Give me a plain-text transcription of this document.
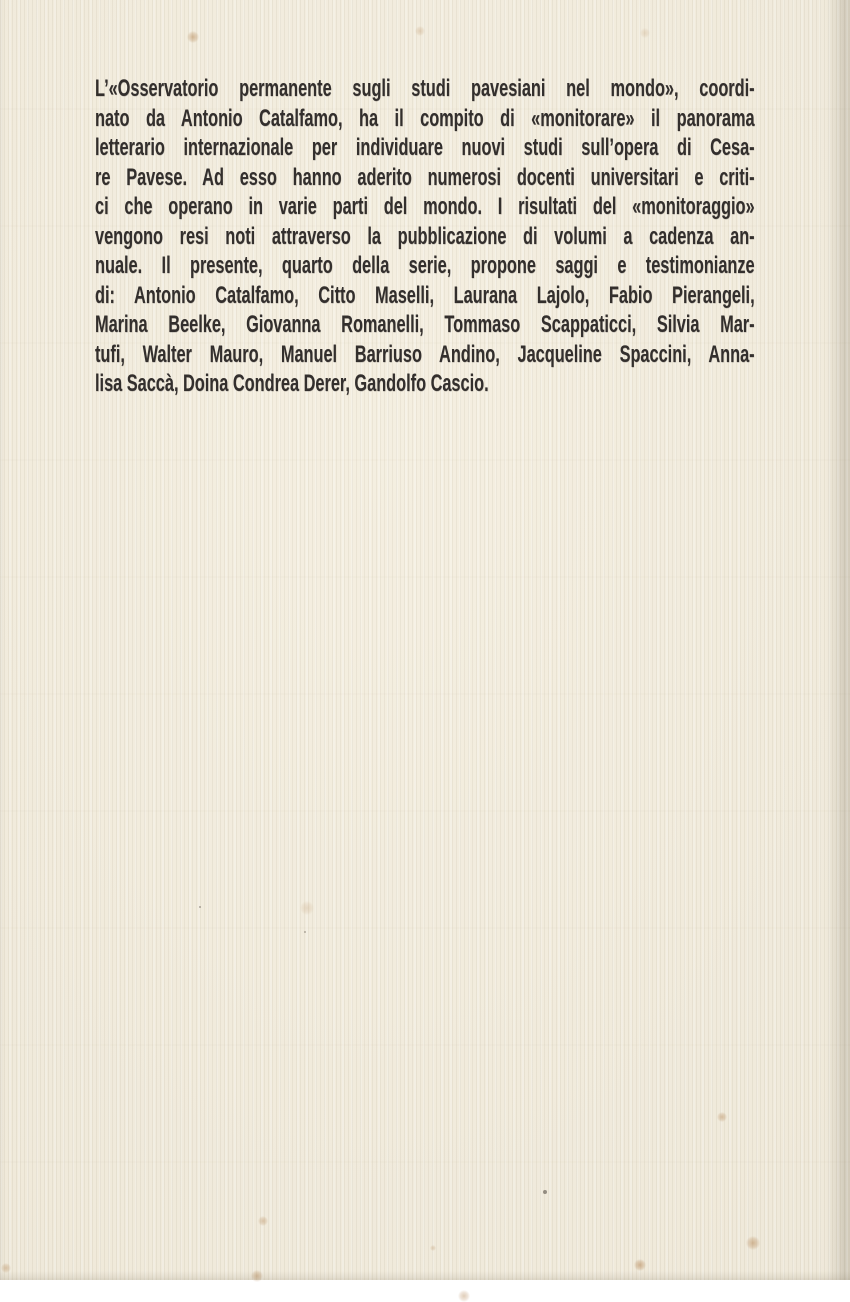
L’«Osservatorio permanente sugli studi pavesiani nel mondo», coordi-
nato da Antonio Catalfamo, ha il compito di «monitorare» il panorama
letterario internazionale per individuare nuovi studi sull’opera di Cesa-
re Pavese. Ad esso hanno aderito numerosi docenti universitari e criti-
ci che operano in varie parti del mondo. I risultati del «monitoraggio»
vengono resi noti attraverso la pubblicazione di volumi a cadenza an-
nuale. Il presente, quarto della serie, propone saggi e testimonianze
di: Antonio Catalfamo, Citto Maselli, Laurana Lajolo, Fabio Pierangeli,
Marina Beelke, Giovanna Romanelli, Tommaso Scappaticci, Silvia Mar-
tufi, Walter Mauro, Manuel Barriuso Andino, Jacqueline Spaccini, Anna-
lisa Saccà, Doina Condrea Derer, Gandolfo Cascio.
